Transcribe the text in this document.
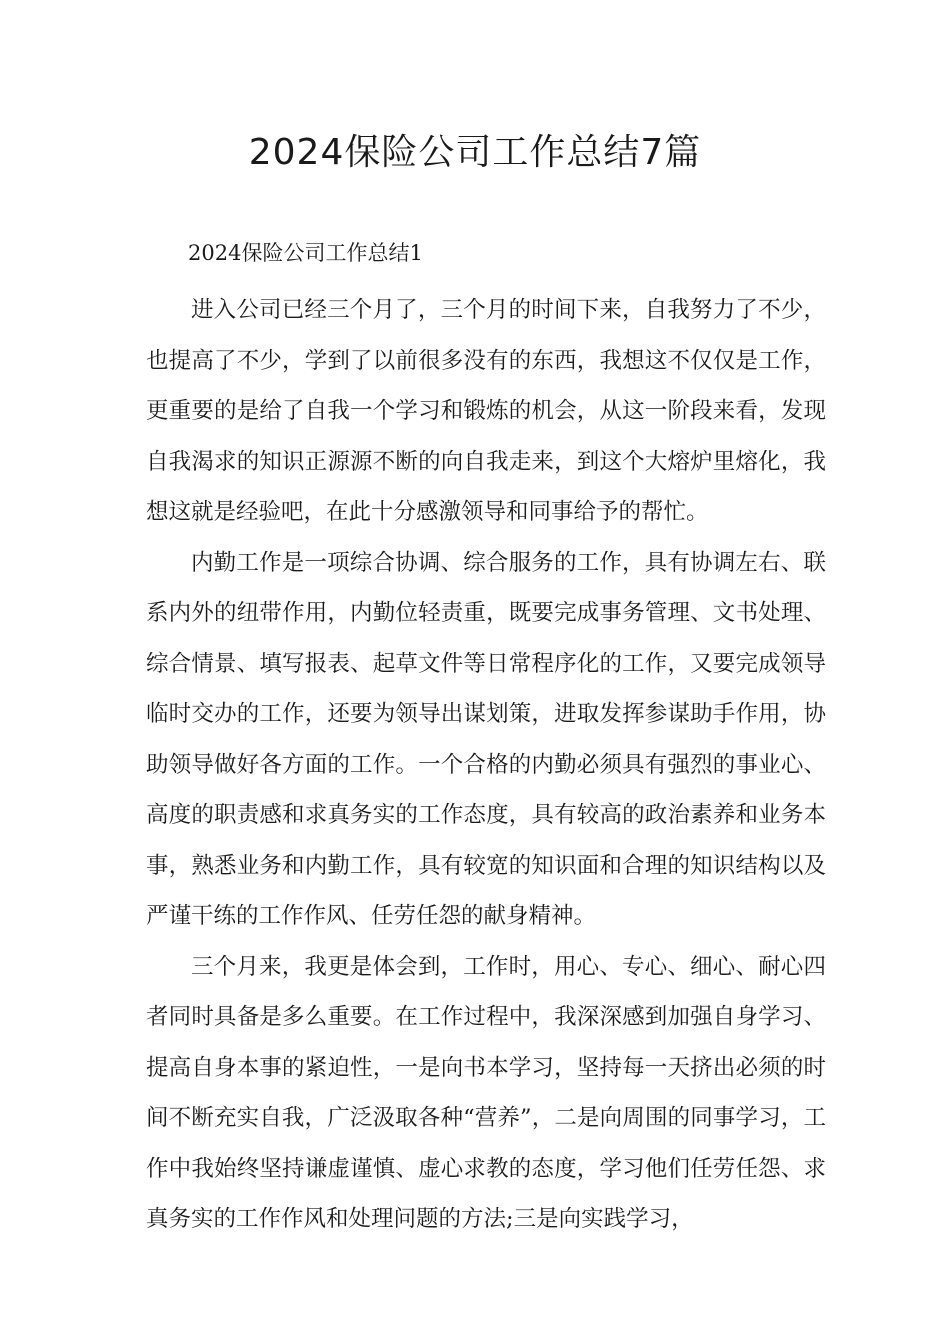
2024保险公司工作总结7篇
2024保险公司工作总结1

进入公司已经三个月了，三个月的时间下来，自我努力了不少，也提高了不少，学到了以前很多没有的东西，我想这不仅仅是工作，更重要的是给了自我一个学习和锻炼的机会，从这一阶段来看，发现自我渴求的知识正源源不断的向自我走来，到这个大熔炉里熔化，我想这就是经验吧，在此十分感激领导和同事给予的帮忙。

内勤工作是一项综合协调、综合服务的工作，具有协调左右、联系内外的纽带作用，内勤位轻责重，既要完成事务管理、文书处理、综合情景、填写报表、起草文件等日常程序化的工作，又要完成领导临时交办的工作，还要为领导出谋划策，进取发挥参谋助手作用，协助领导做好各方面的工作。一个合格的内勤必须具有强烈的事业心、高度的职责感和求真务实的工作态度，具有较高的政治素养和业务本事，熟悉业务和内勤工作，具有较宽的知识面和合理的知识结构以及严谨干练的工作作风、任劳任怨的献身精神。

三个月来，我更是体会到，工作时，用心、专心、细心、耐心四者同时具备是多么重要。在工作过程中，我深深感到加强自身学习、提高自身本事的紧迫性，一是向书本学习，坚持每一天挤出必须的时间不断充实自我，广泛汲取各种“营养”，二是向周围的同事学习，工作中我始终坚持谦虚谨慎、虚心求教的态度，学习他们任劳任怨、求真务实的工作作风和处理问题的方法;三是向实践学习，
